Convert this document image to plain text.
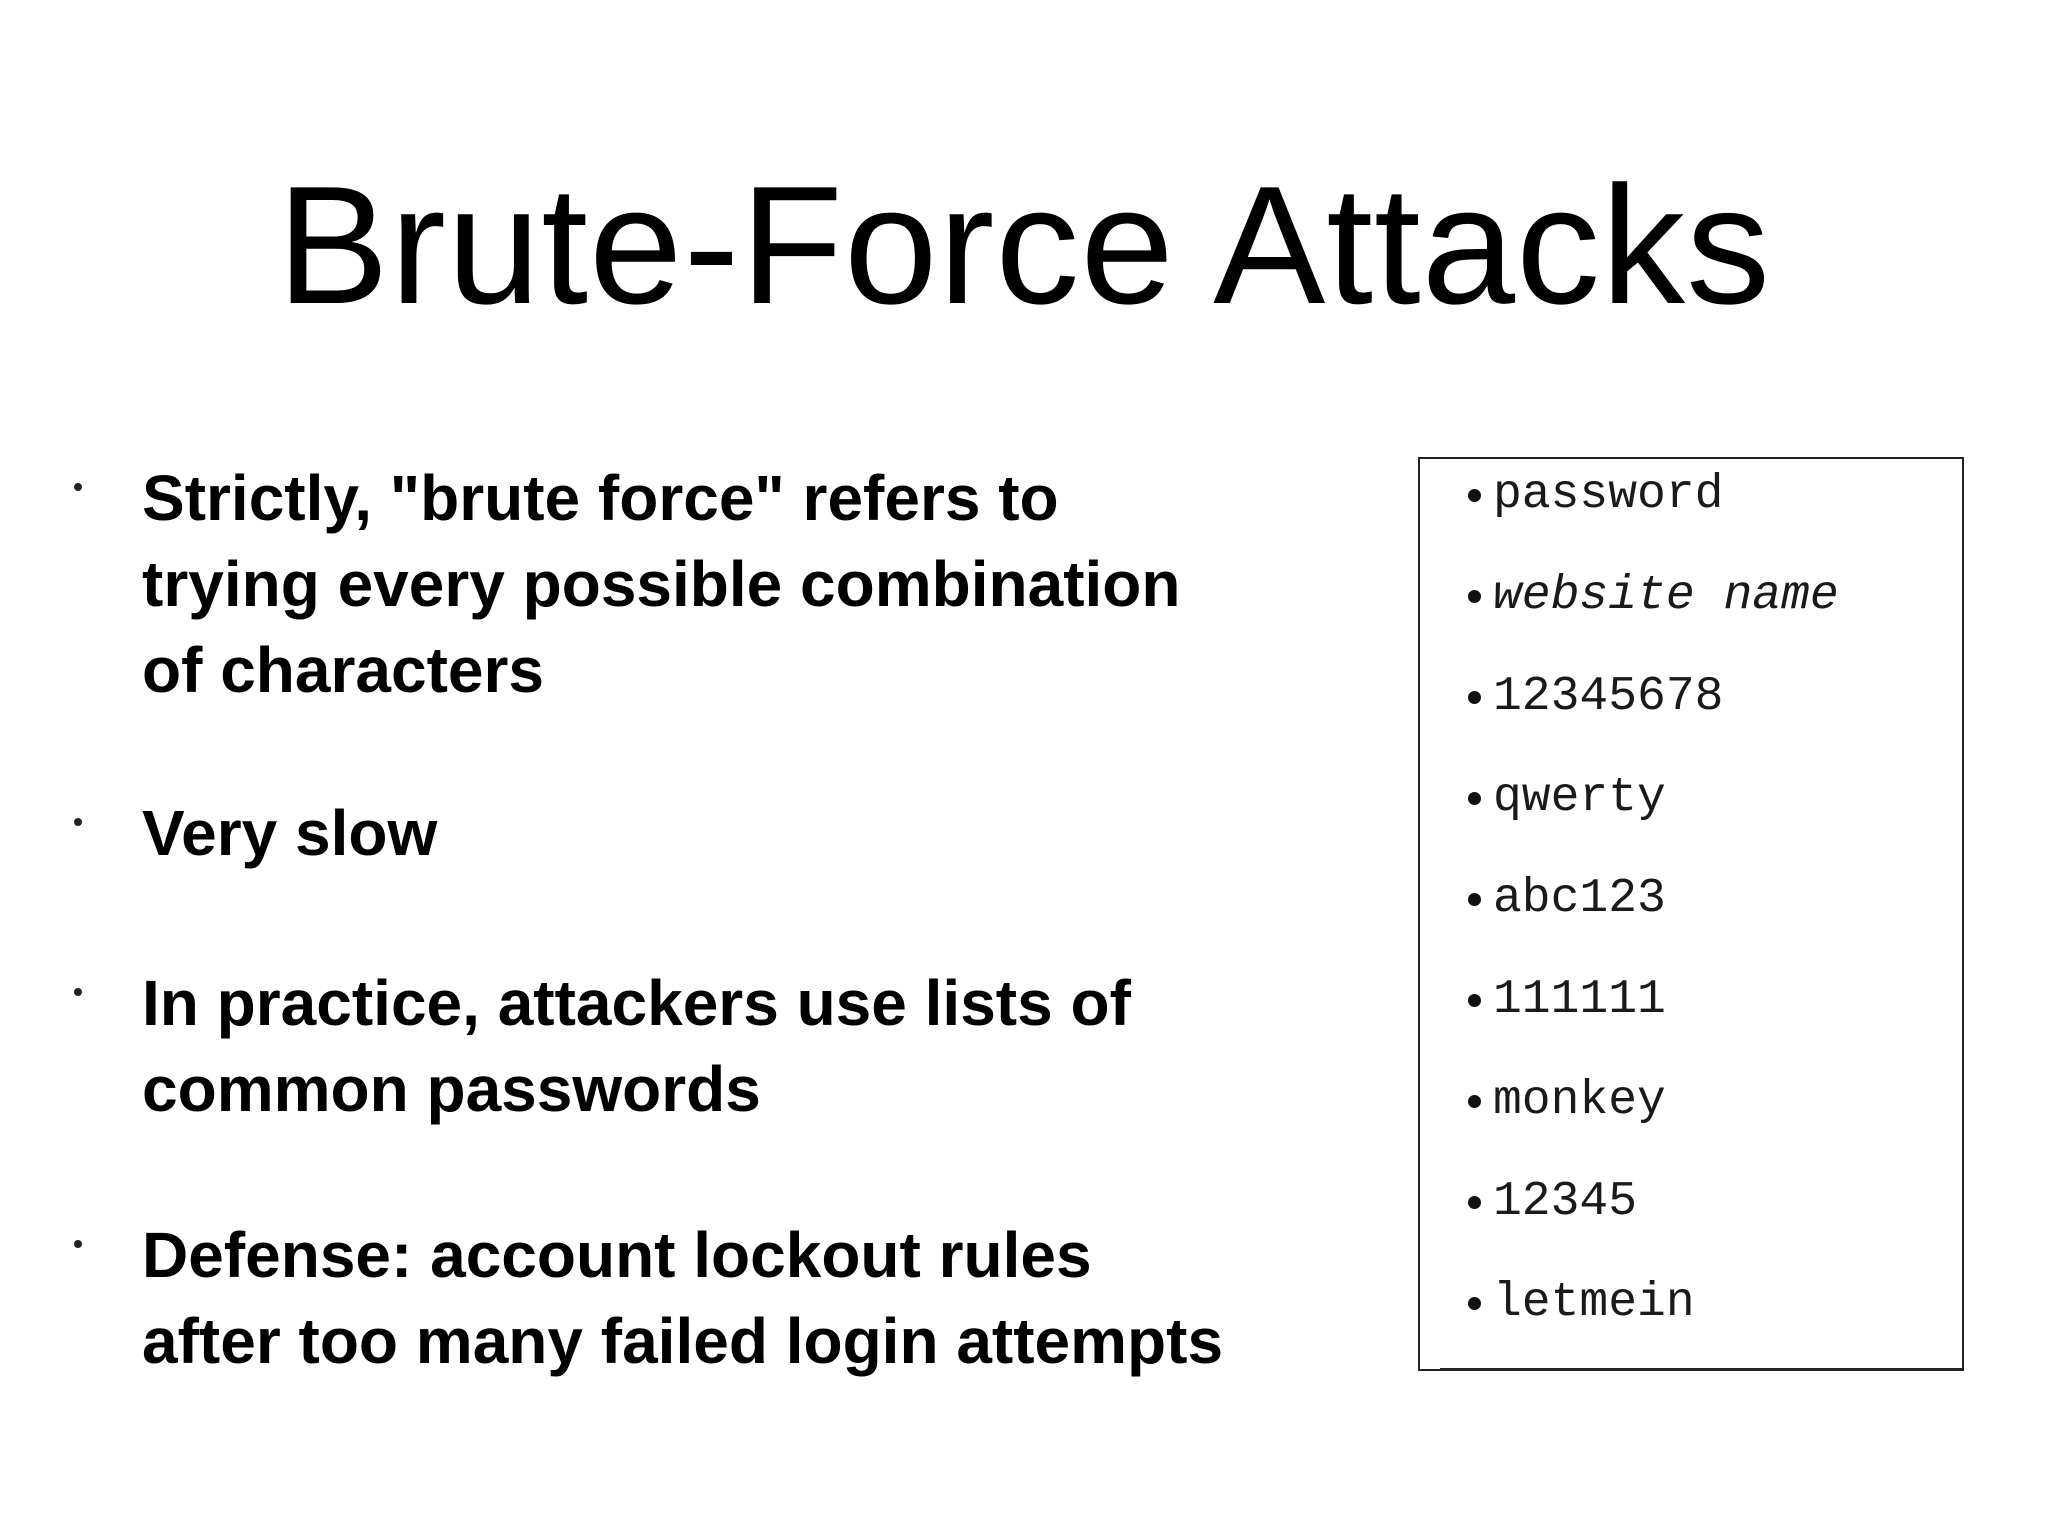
Brute-Force Attacks
Strictly, "brute force" refers to
trying every possible combination
of characters
Very slow
In practice, attackers use lists of
common passwords
Defense: account lockout rules
after too many failed login attempts
password
website name
12345678
qwerty
abc123
111111
monkey
12345
letmein
